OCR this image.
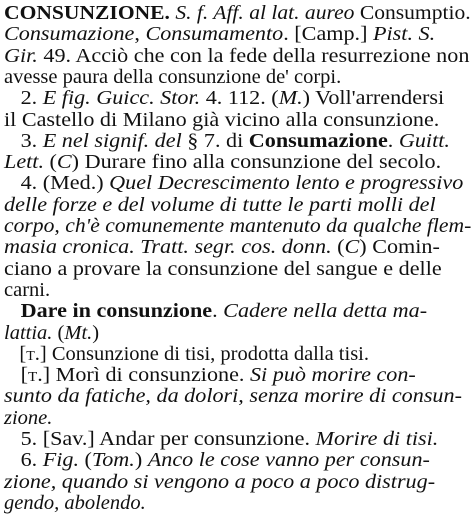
CONSUNZIONE. S. f. Aff. al lat. aureo Consumptio.
Consumazione, Consumamento. [Camp.] Pist. S.
Gir. 49. Acciò che con la fede della resurrezione non
avesse paura della consunzione de' corpi.
2. E fig. Guicc. Stor. 4. 112. (M.) Voll'arrendersi
il Castello di Milano già vicino alla consunzione.
3. E nel signif. del § 7. di Consumazione. Guitt.
Lett. (C) Durare fino alla consunzione del secolo.
4. (Med.) Quel Decrescimento lento e progressivo
delle forze e del volume di tutte le parti molli del
corpo, ch'è comunemente mantenuto da qualche flem-
masia cronica. Tratt. segr. cos. donn. (C) Comin-
ciano a provare la consunzione del sangue e delle
carni.
Dare in consunzione. Cadere nella detta ma-
lattia. (Mt.)
[t.] Consunzione di tisi, prodotta dalla tisi.
[t.] Morì di consunzione. Si può morire con-
sunto da fatiche, da dolori, senza morire di consun-
zione.
5. [Sav.] Andar per consunzione. Morire di tisi.
6. Fig. (Tom.) Anco le cose vanno per consun-
zione, quando si vengono a poco a poco distrug-
gendo, abolendo.
